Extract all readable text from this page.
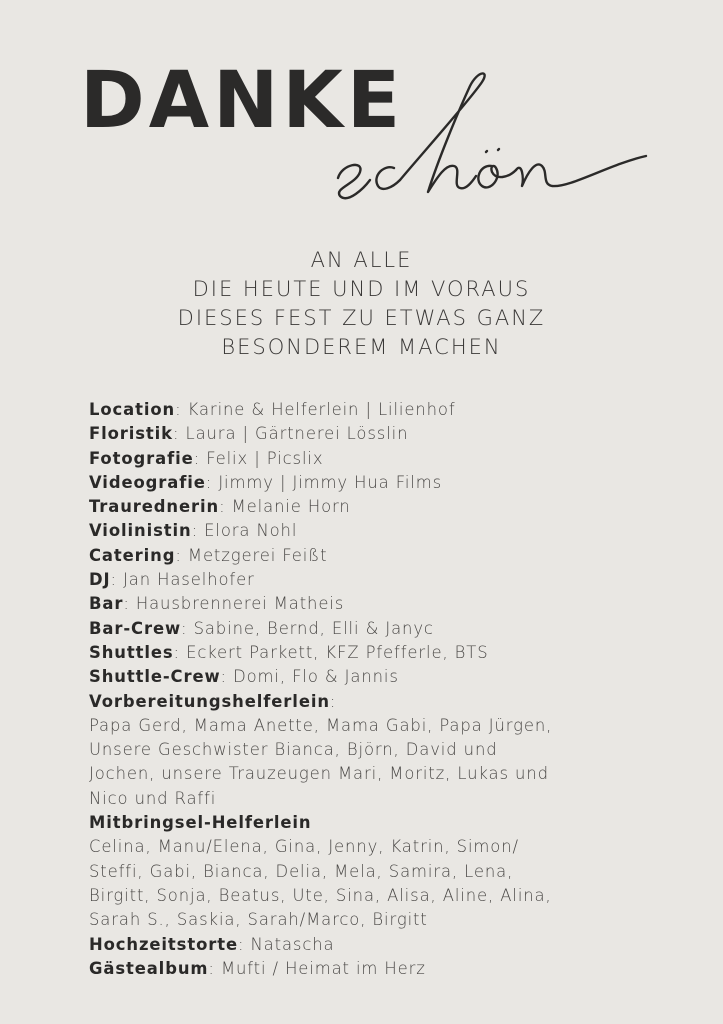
DANKE
AN ALLE
DIE HEUTE UND IM VORAUS
DIESES FEST ZU ETWAS GANZ
BESONDEREM MACHEN
Location: Karine & Helferlein | Lilienhof
Floristik: Laura | Gärtnerei Lösslin
Fotografie: Felix | Picslix
Videografie: Jimmy | Jimmy Hua Films
Traurednerin: Melanie Horn
Violinistin: Elora Nohl
Catering: Metzgerei Feißt
DJ: Jan Haselhofer
Bar: Hausbrennerei Matheis
Bar-Crew: Sabine, Bernd, Elli & Janyc
Shuttles: Eckert Parkett, KFZ Pfefferle, BTS
Shuttle-Crew: Domi, Flo & Jannis
Vorbereitungshelferlein:
Papa Gerd, Mama Anette, Mama Gabi, Papa Jürgen,
Unsere Geschwister Bianca, Björn, David und
Jochen, unsere Trauzeugen Mari, Moritz, Lukas und
Nico und Raffi
Mitbringsel-Helferlein
Celina, Manu/Elena, Gina, Jenny, Katrin, Simon/
Steffi, Gabi, Bianca, Delia, Mela, Samira, Lena,
Birgitt, Sonja, Beatus, Ute, Sina, Alisa, Aline, Alina,
Sarah S., Saskia, Sarah/Marco, Birgitt
Hochzeitstorte: Natascha
Gästealbum: Mufti / Heimat im Herz
